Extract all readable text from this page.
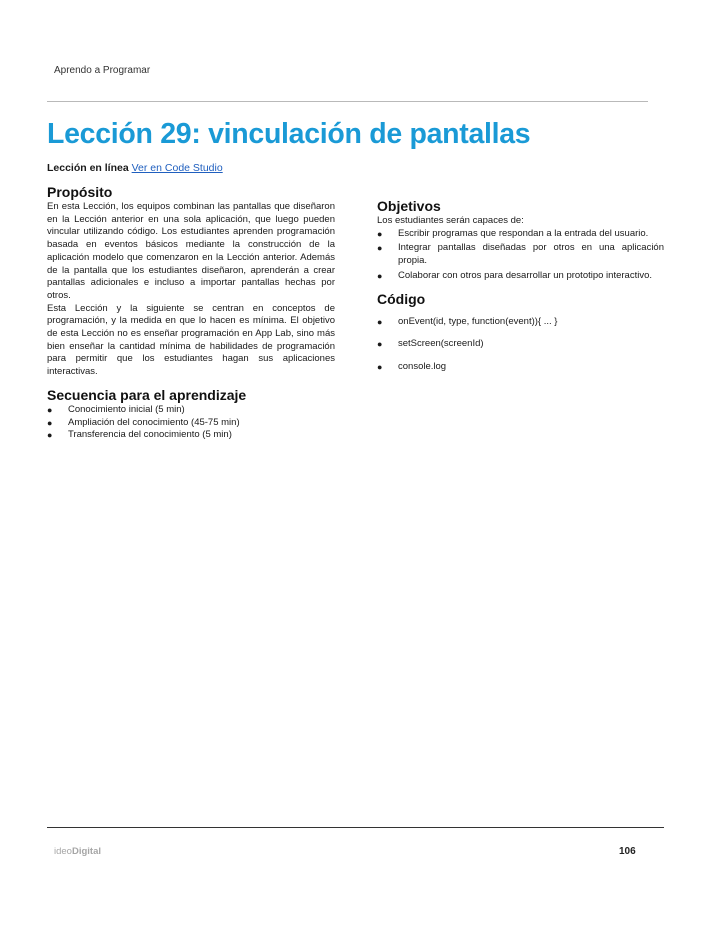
Aprendo a Programar
Lección 29: vinculación de pantallas
Lección en línea Ver en Code Studio
Propósito

En esta Lección, los equipos combinan las pantallas que diseñaron en la Lección anterior en una sola aplicación, que luego pueden vincular utilizando código. Los estudiantes aprenden programación basada en eventos básicos mediante la construcción de la aplicación modelo que comenzaron en la Lección anterior. Además de la pantalla que los estudiantes diseñaron, aprenderán a crear pantallas adicionales e incluso a importar pantallas hechas por otros.

Esta Lección y la siguiente se centran en conceptos de programación, y la medida en que lo hacen es mínima. El objetivo de esta Lección no es enseñar programación en App Lab, sino más bien enseñar la cantidad mínima de habilidades de programación para permitir que los estudiantes hagan sus aplicaciones interactivas.

Secuencia para el aprendizaje
● Conocimiento inicial (5 min)
● Ampliación del conocimiento (45-75 min)
● Transferencia del conocimiento (5 min)
Objetivos

Los estudiantes serán capaces de:

● Escribir programas que respondan a la entrada del usuario.
● Integrar pantallas diseñadas por otros en una aplicación propia.
● Colaborar con otros para desarrollar un prototipo interactivo.
Código
● onEvent(id, type, function(event)){ ... }
● setScreen(screenId)
● console.log
ideoDigital	106
